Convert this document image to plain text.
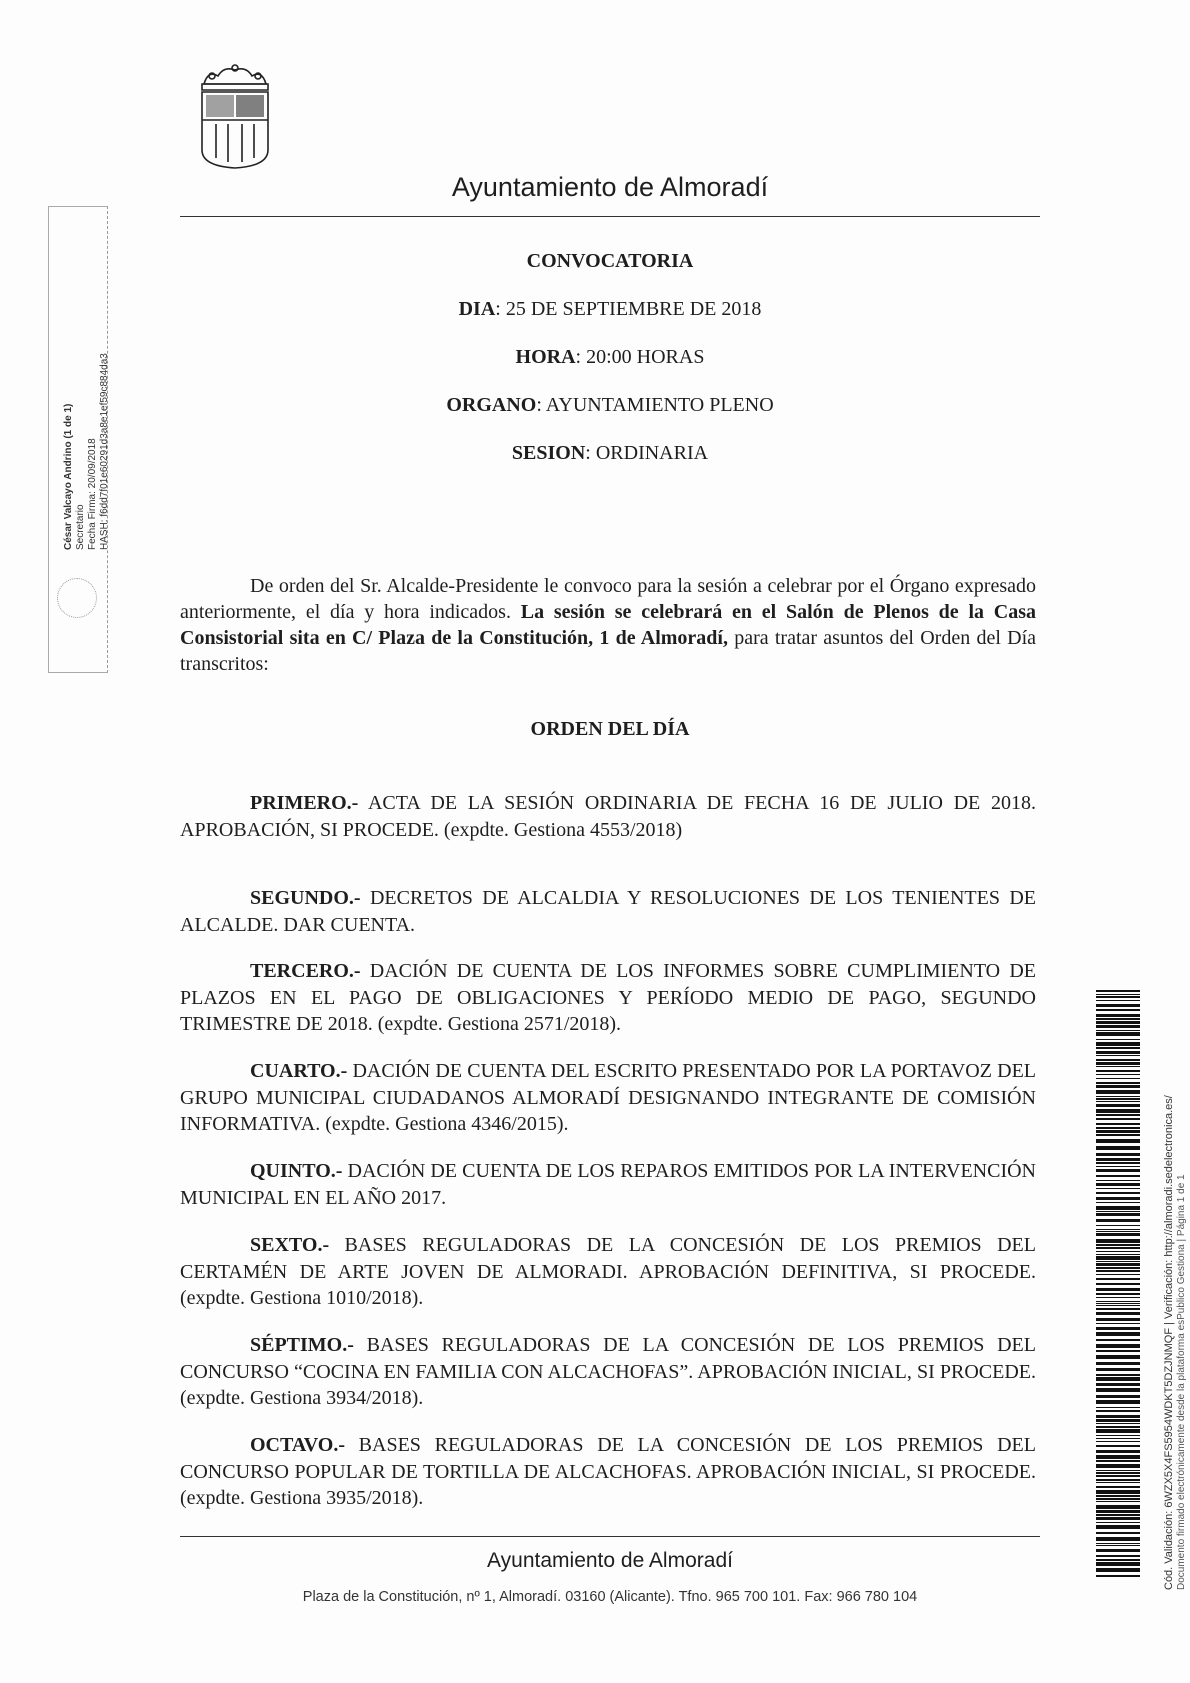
Ayuntamiento de Almoradí
CONVOCATORIA
DIA: 25 DE SEPTIEMBRE DE 2018
HORA: 20:00 HORAS
ORGANO: AYUNTAMIENTO PLENO
SESION: ORDINARIA
De orden del Sr. Alcalde-Presidente le convoco para la sesión a celebrar por el Órgano expresado anteriormente, el día y hora indicados. La sesión se celebrará en el Salón de Plenos de la Casa Consistorial sita en C/ Plaza de la Constitución, 1 de Almoradí, para tratar asuntos del Orden del Día transcritos:
ORDEN DEL DÍA
PRIMERO.- ACTA DE LA SESIÓN ORDINARIA DE FECHA 16 DE JULIO DE 2018. APROBACIÓN, SI PROCEDE. (expdte. Gestiona 4553/2018)
SEGUNDO.- DECRETOS DE ALCALDIA Y RESOLUCIONES DE LOS TENIENTES DE ALCALDE. DAR CUENTA.
TERCERO.- DACIÓN DE CUENTA DE LOS INFORMES SOBRE CUMPLIMIENTO DE PLAZOS EN EL PAGO DE OBLIGACIONES Y PERÍODO MEDIO DE PAGO, SEGUNDO TRIMESTRE DE 2018. (expdte. Gestiona 2571/2018).
CUARTO.- DACIÓN DE CUENTA DEL ESCRITO PRESENTADO POR LA PORTAVOZ DEL GRUPO MUNICIPAL CIUDADANOS ALMORADÍ DESIGNANDO INTEGRANTE DE COMISIÓN INFORMATIVA. (expdte. Gestiona 4346/2015).
QUINTO.- DACIÓN DE CUENTA DE LOS REPAROS EMITIDOS POR LA INTERVENCIÓN MUNICIPAL EN EL AÑO 2017.
SEXTO.- BASES REGULADORAS DE LA CONCESIÓN DE LOS PREMIOS DEL CERTAMÉN DE ARTE JOVEN DE ALMORADI. APROBACIÓN DEFINITIVA, SI PROCEDE. (expdte. Gestiona 1010/2018).
SÉPTIMO.- BASES REGULADORAS DE LA CONCESIÓN DE LOS PREMIOS DEL CONCURSO “COCINA EN FAMILIA CON ALCACHOFAS”. APROBACIÓN INICIAL, SI PROCEDE. (expdte. Gestiona 3934/2018).
OCTAVO.- BASES REGULADORAS DE LA CONCESIÓN DE LOS PREMIOS DEL CONCURSO POPULAR DE TORTILLA DE ALCACHOFAS. APROBACIÓN INICIAL, SI PROCEDE. (expdte. Gestiona 3935/2018).
Ayuntamiento de Almoradí
Plaza de la Constitución, nº 1, Almoradí. 03160 (Alicante). Tfno. 965 700 101. Fax: 966 780 104
César Valcayo Andrino (1 de 1) Secretario Fecha Firma: 20/09/2018 HASH: f6dd7f01e60291d3a8e1ef59c884da3
Cód. Validación: 6WZX5X4FS5954WDKT5DZJNMQF | Verificación: http://almoradi.sedelectronica.es/ Documento firmado electrónicamente desde la plataforma esPublico Gestiona | Página 1 de 1
